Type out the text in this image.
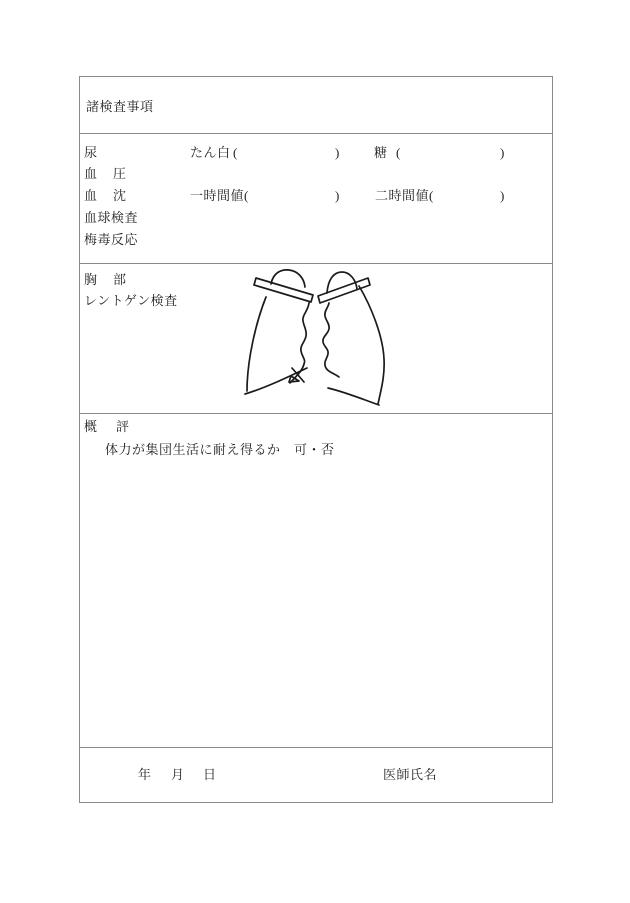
諸検査事項
尿	たん白 (	)	糖 (	)
血 圧
血 沈	一時間値(	)	二時間値(	)
血球検査
梅毒反応
胸 部
レントゲン検査
概 評
体力が集団生活に耐え得るか　可・否
年 月 日	医師氏名
